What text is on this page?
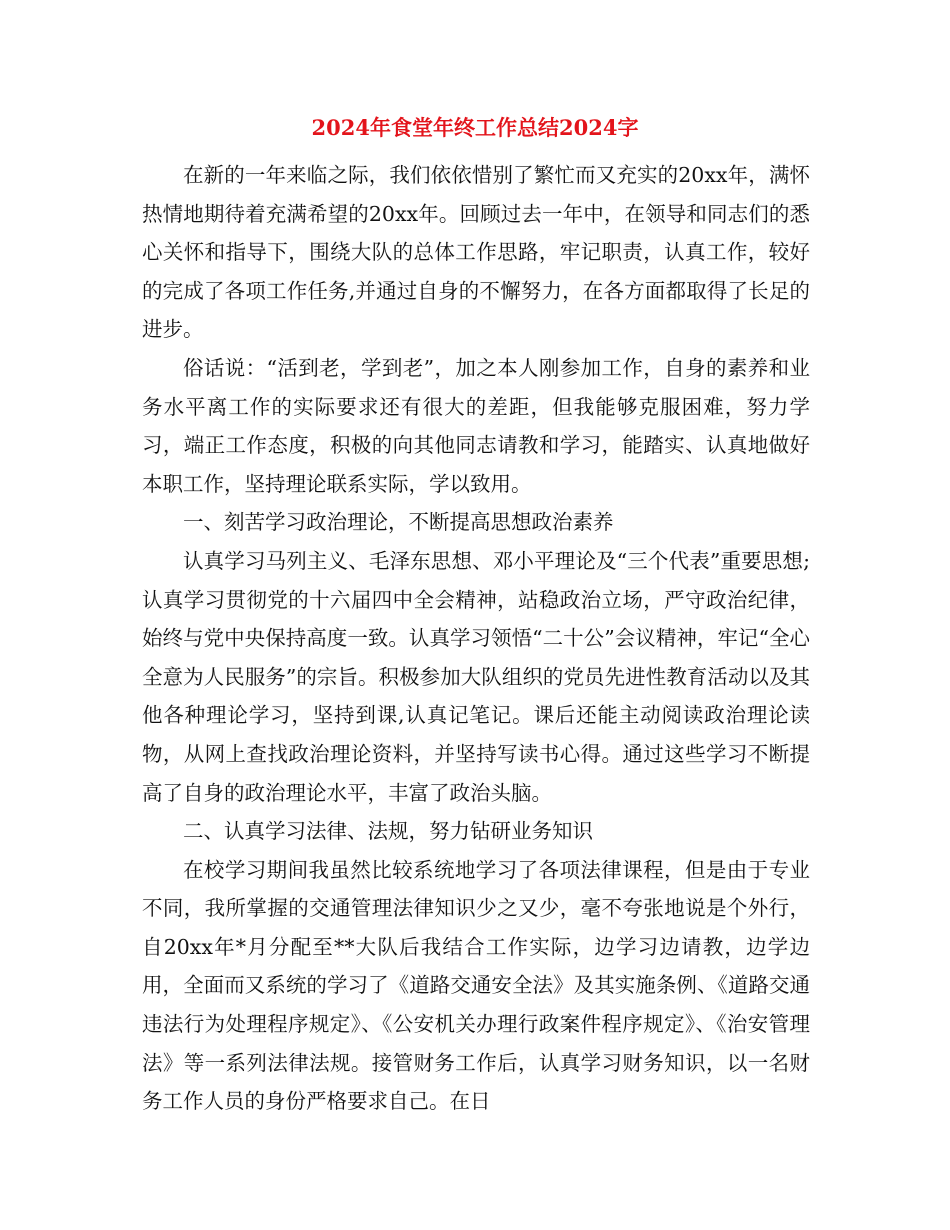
2024年食堂年终工作总结2024字

在新的一年来临之际，我们依依惜别了繁忙而又充实的20xx年，满怀热情地期待着充满希望的20xx年。回顾过去一年中，在领导和同志们的悉心关怀和指导下，围绕大队的总体工作思路，牢记职责，认真工作，较好的完成了各项工作任务,并通过自身的不懈努力，在各方面都取得了长足的进步。

俗话说：“活到老，学到老”，加之本人刚参加工作，自身的素养和业务水平离工作的实际要求还有很大的差距，但我能够克服困难，努力学习，端正工作态度，积极的向其他同志请教和学习，能踏实、认真地做好本职工作，坚持理论联系实际，学以致用。

一、刻苦学习政治理论，不断提高思想政治素养

认真学习马列主义、毛泽东思想、邓小平理论及“三个代表”重要思想;认真学习贯彻党的十六届四中全会精神，站稳政治立场，严守政治纪律，始终与党中央保持高度一致。认真学习领悟“二十公”会议精神，牢记“全心全意为人民服务”的宗旨。积极参加大队组织的党员先进性教育活动以及其他各种理论学习，坚持到课,认真记笔记。课后还能主动阅读政治理论读物，从网上查找政治理论资料，并坚持写读书心得。通过这些学习不断提高了自身的政治理论水平，丰富了政治头脑。

二、认真学习法律、法规，努力钻研业务知识

在校学习期间我虽然比较系统地学习了各项法律课程，但是由于专业不同，我所掌握的交通管理法律知识少之又少，毫不夸张地说是个外行，自20xx年*月分配至**大队后我结合工作实际，边学习边请教，边学边用，全面而又系统的学习了《道路交通安全法》及其实施条例、《道路交通违法行为处理程序规定》、《公安机关办理行政案件程序规定》、《治安管理法》等一系列法律法规。接管财务工作后，认真学习财务知识，以一名财务工作人员的身份严格要求自己。在日
